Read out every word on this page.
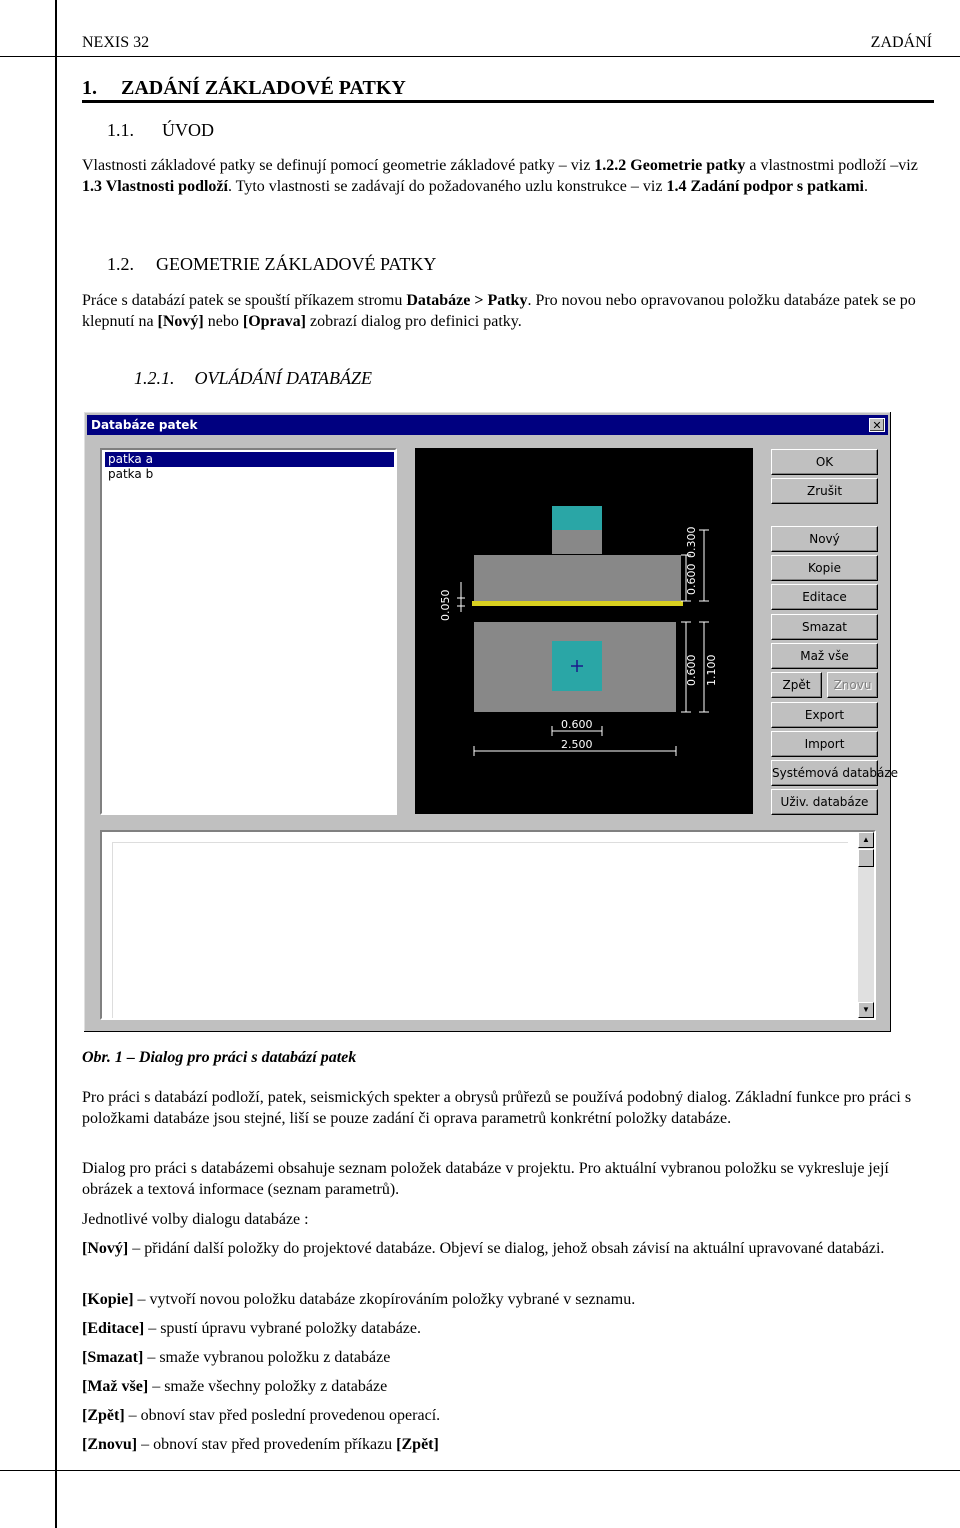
NEXIS 32	ZADÁNÍ
1. ZADÁNÍ ZÁKLADOVÉ PATKY
1.1. ÚVOD

Vlastnosti základové patky se definují pomocí geometrie základové patky – viz 1.2.2 Geometrie patky a vlastnostmi podloží –viz 1.3 Vlastnosti podloží. Tyto vlastnosti se zadávají do požadovaného uzlu konstrukce – viz 1.4 Zadání podpor s patkami.

1.2. GEOMETRIE ZÁKLADOVÉ PATKY

Práce s databází patek se spouští příkazem stromu Databáze > Patky. Pro novou nebo opravovanou položku databáze patek se po klepnutí na [Nový] nebo [Oprava] zobrazí dialog pro definici patky.

1.2.1. OVLÁDÁNÍ DATABÁZE
Databáze patek	✕
patka a
patka b
0.050
0.600
0.300
0.600 1.100
0.600
2.500
OK
Zrušit
Nový
Kopie
Editace
Smazat
Maž vše
Zpět	Znovu
Export
Import
Systémová databáze
Uživ. databáze
▲
▼
Obr. 1 – Dialog pro práci s databází patek

Pro práci s databází podloží, patek, seismických spekter a obrysů průřezů se používá podobný dialog. Základní funkce pro práci s položkami databáze jsou stejné, liší se pouze zadání či oprava parametrů konkrétní položky databáze.

Dialog pro práci s databázemi obsahuje seznam položek databáze v projektu. Pro aktuální vybranou položku se vykresluje její obrázek a textová informace (seznam parametrů).

Jednotlivé volby dialogu databáze :

[Nový] – přidání další položky do projektové databáze. Objeví se dialog, jehož obsah závisí na aktuální upravované databázi.

[Kopie] – vytvoří novou položku databáze zkopírováním položky vybrané v seznamu.

[Editace] – spustí úpravu vybrané položky databáze.

[Smazat] – smaže vybranou položku z databáze

[Maž vše] – smaže všechny položky z databáze

[Zpět] – obnoví stav před poslední provedenou operací.

[Znovu] – obnoví stav před provedením příkazu [Zpět]
